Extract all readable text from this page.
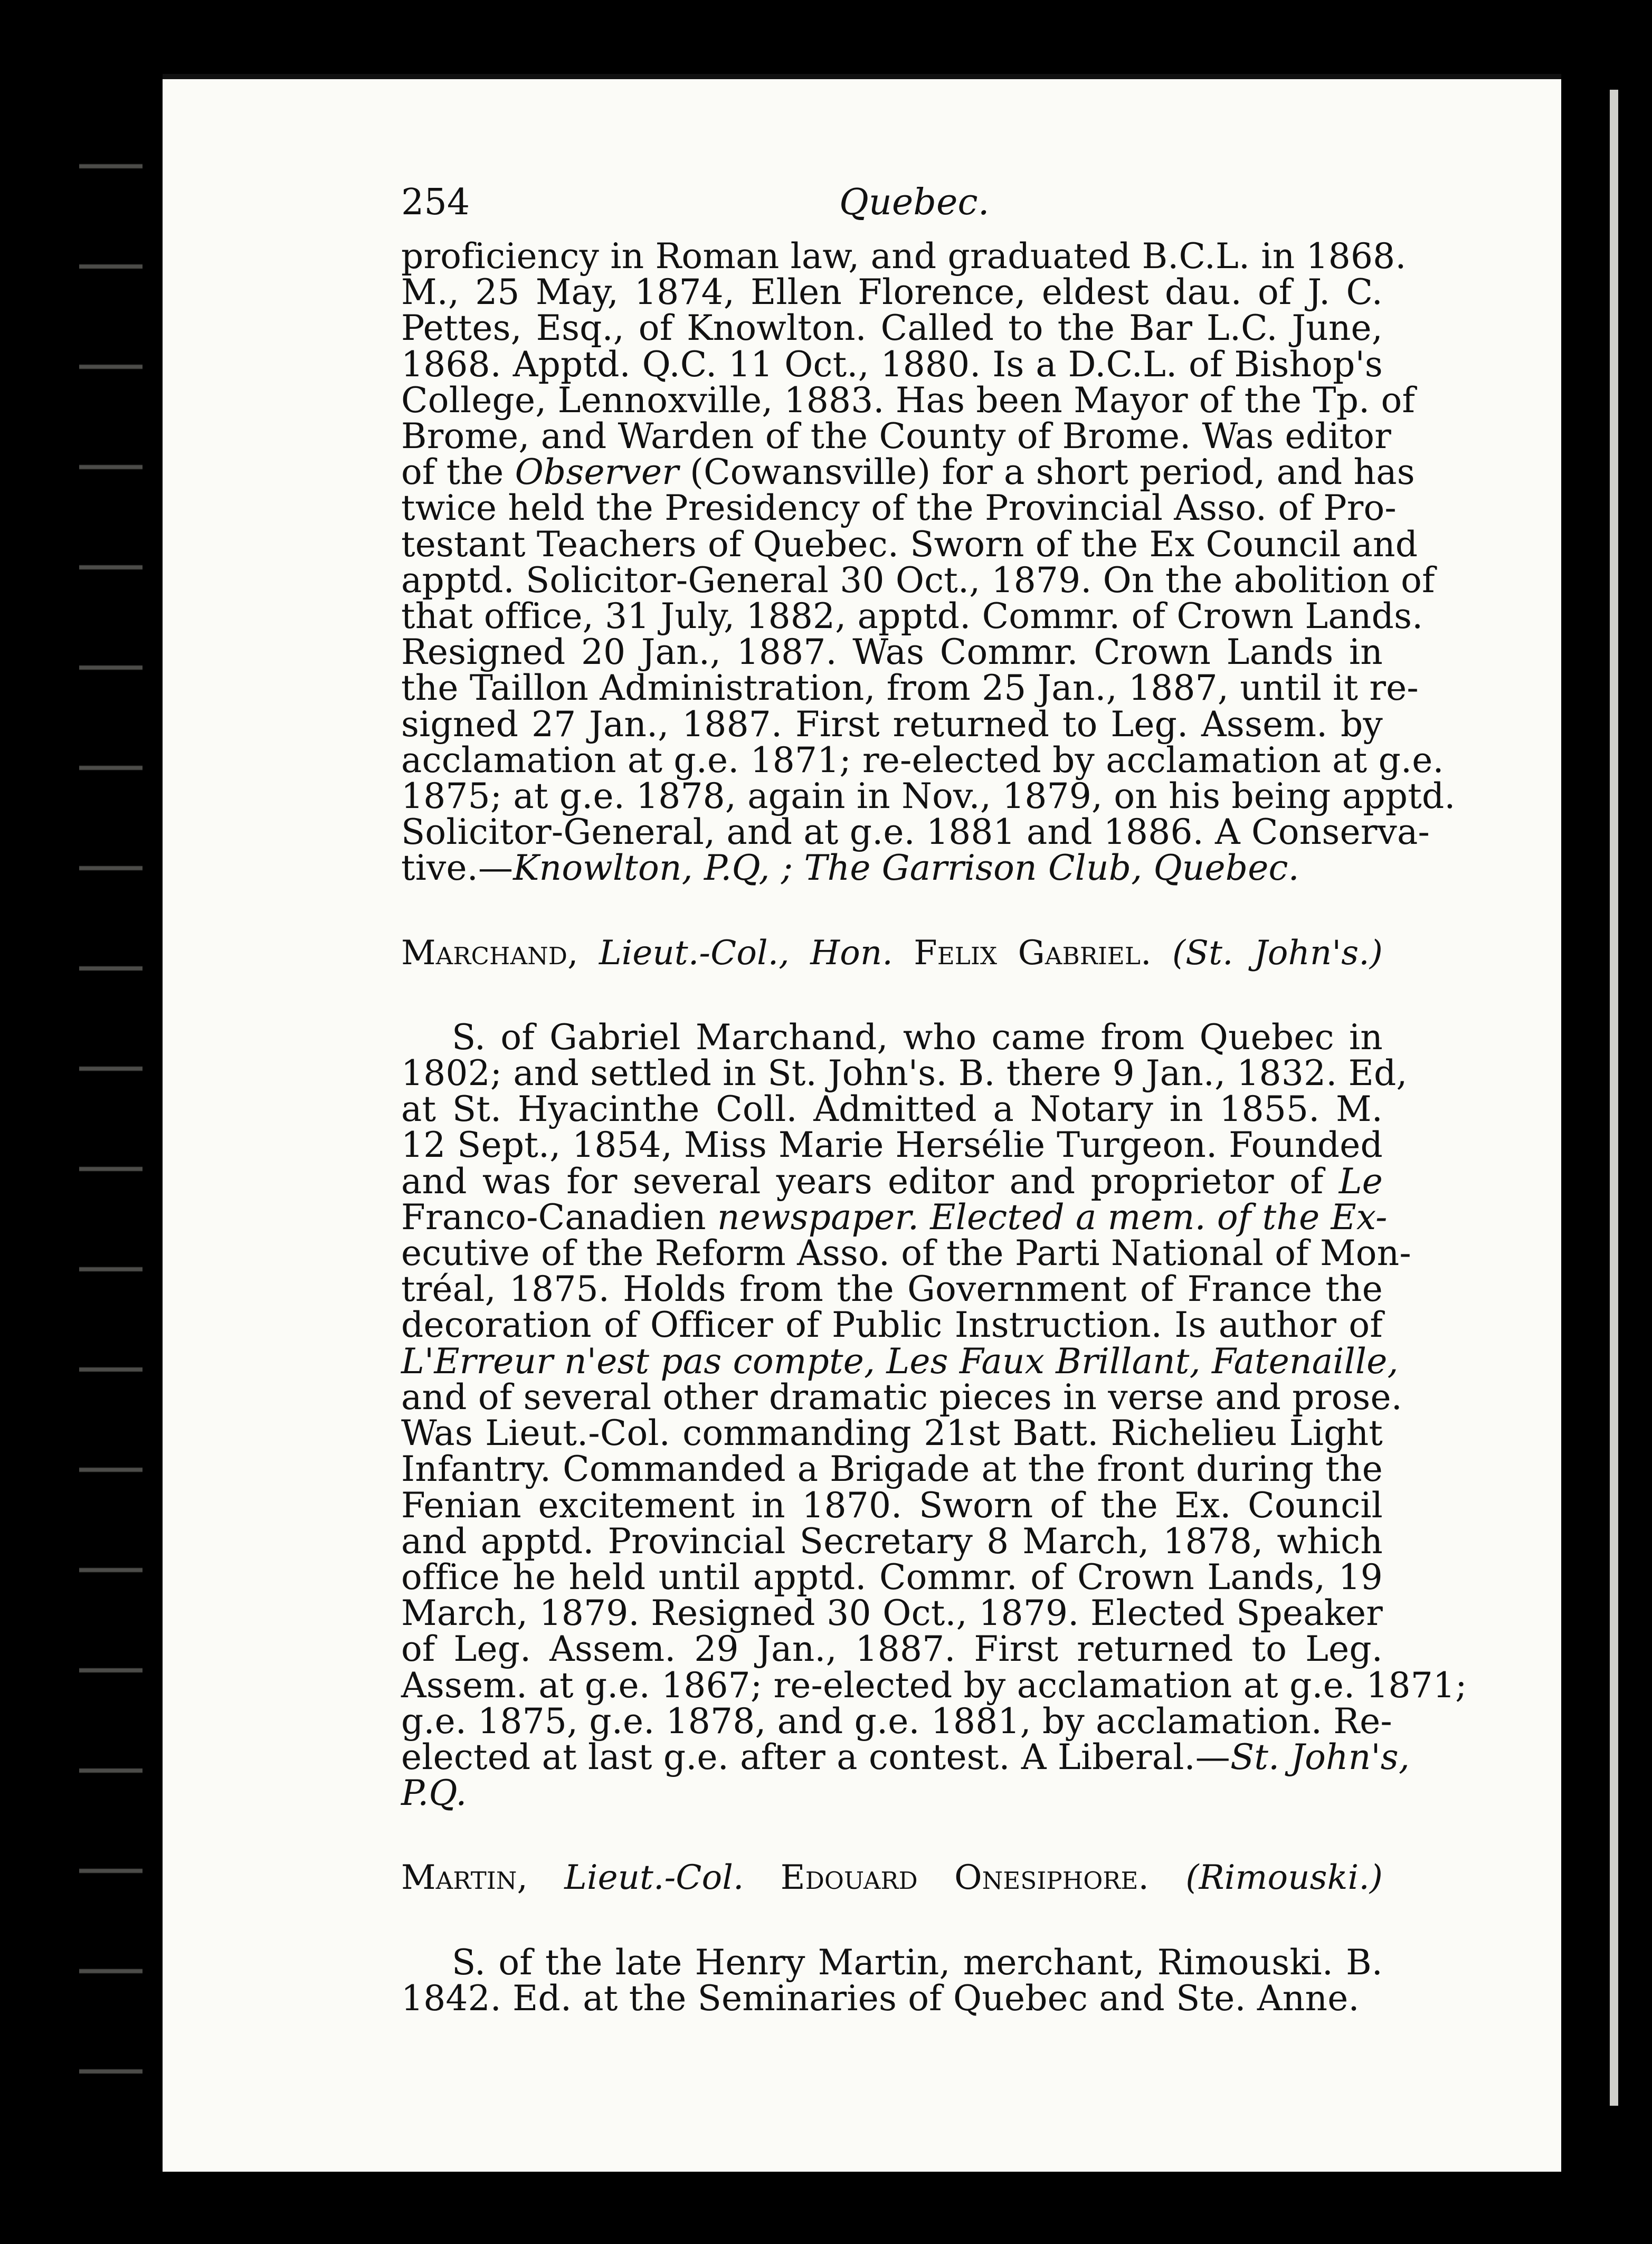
254	Quebec.
proficiency in Roman law, and graduated B.C.L. in 1868.
M., 25 May, 1874, Ellen Florence, eldest dau. of J. C.
Pettes, Esq., of Knowlton. Called to the Bar L.C. June,
1868. Apptd. Q.C. 11 Oct., 1880. Is a D.C.L. of Bishop's
College, Lennoxville, 1883. Has been Mayor of the Tp. of
Brome, and Warden of the County of Brome. Was editor
of the Observer (Cowansville) for a short period, and has
twice held the Presidency of the Provincial Asso. of Pro-
testant Teachers of Quebec. Sworn of the Ex Council and
apptd. Solicitor-General 30 Oct., 1879. On the abolition of
that office, 31 July, 1882, apptd. Commr. of Crown Lands.
Resigned 20 Jan., 1887. Was Commr. Crown Lands in
the Taillon Administration, from 25 Jan., 1887, until it re-
signed 27 Jan., 1887. First returned to Leg. Assem. by
acclamation at g.e. 1871; re-elected by acclamation at g.e.
1875; at g.e. 1878, again in Nov., 1879, on his being apptd.
Solicitor-General, and at g.e. 1881 and 1886. A Conserva-
tive.—Knowlton, P.Q, ; The Garrison Club, Quebec.
Marchand, Lieut.-Col., Hon. Felix Gabriel. (St. John's.)
S. of Gabriel Marchand, who came from Quebec in
1802; and settled in St. John's. B. there 9 Jan., 1832. Ed,
at St. Hyacinthe Coll. Admitted a Notary in 1855. M.
12 Sept., 1854, Miss Marie Hersélie Turgeon. Founded
and was for several years editor and proprietor of Le
Franco-Canadien newspaper. Elected a mem. of the Ex-
ecutive of the Reform Asso. of the Parti National of Mon-
tréal, 1875. Holds from the Government of France the
decoration of Officer of Public Instruction. Is author of
L'Erreur n'est pas compte, Les Faux Brillant, Fatenaille,
and of several other dramatic pieces in verse and prose.
Was Lieut.-Col. commanding 21st Batt. Richelieu Light
Infantry. Commanded a Brigade at the front during the
Fenian excitement in 1870. Sworn of the Ex. Council
and apptd. Provincial Secretary 8 March, 1878, which
office he held until apptd. Commr. of Crown Lands, 19
March, 1879. Resigned 30 Oct., 1879. Elected Speaker
of Leg. Assem. 29 Jan., 1887. First returned to Leg.
Assem. at g.e. 1867; re-elected by acclamation at g.e. 1871;
g.e. 1875, g.e. 1878, and g.e. 1881, by acclamation. Re-
elected at last g.e. after a contest. A Liberal.—St. John's,
P.Q.
Martin, Lieut.-Col. Edouard Onesiphore. (Rimouski.)
S. of the late Henry Martin, merchant, Rimouski. B.
1842. Ed. at the Seminaries of Quebec and Ste. Anne.
